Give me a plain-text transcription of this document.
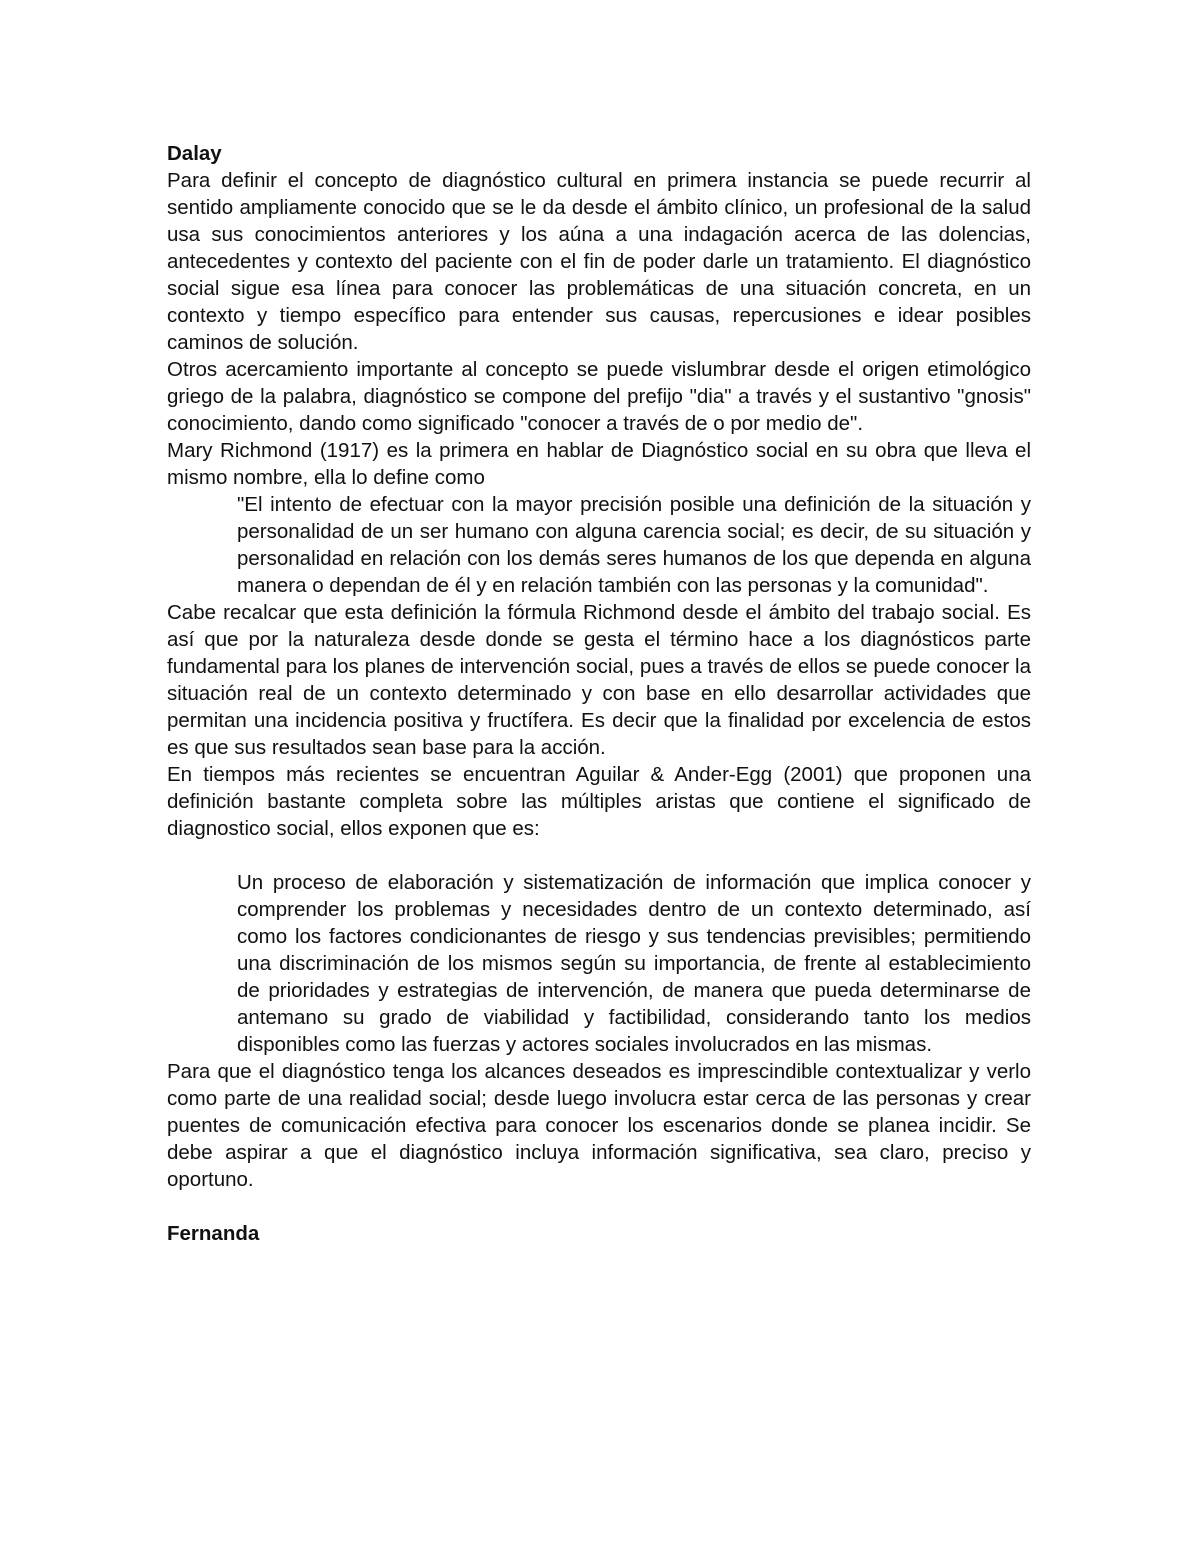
Dalay

Para definir el concepto de diagnóstico cultural en primera instancia se puede recurrir al sentido ampliamente conocido que se le da desde el ámbito clínico, un profesional de la salud usa sus conocimientos anteriores y los aúna a una indagación acerca de las dolencias, antecedentes y contexto del paciente con el fin de poder darle un tratamiento. El diagnóstico social sigue esa línea para conocer las problemáticas de una situación concreta, en un contexto y tiempo específico para entender sus causas, repercusiones e idear posibles caminos de solución.

Otros acercamiento importante al concepto se puede vislumbrar desde el origen etimológico griego de la palabra, diagnóstico se compone del prefijo "dia" a través y el sustantivo "gnosis" conocimiento, dando como significado "conocer a través de o por medio de".

Mary Richmond (1917) es la primera en hablar de Diagnóstico social en su obra que lleva el mismo nombre, ella lo define como

"El intento de efectuar con la mayor precisión posible una definición de la situación y personalidad de un ser humano con alguna carencia social; es decir, de su situación y personalidad en relación con los demás seres humanos de los que dependa en alguna manera o dependan de él y en relación también con las personas y la comunidad".

Cabe recalcar que esta definición la fórmula Richmond desde el ámbito del trabajo social. Es así que por la naturaleza desde donde se gesta el término hace a los diagnósticos parte fundamental para los planes de intervención social, pues a través de ellos se puede conocer la situación real de un contexto determinado y con base en ello desarrollar actividades que permitan una incidencia positiva y fructífera. Es decir que la finalidad por excelencia de estos es que sus resultados sean base para la acción.

En tiempos más recientes se encuentran Aguilar & Ander-Egg (2001) que proponen una definición bastante completa sobre las múltiples aristas que contiene el significado de diagnostico social, ellos exponen que es:

Un proceso de elaboración y sistematización de información que implica conocer y comprender los problemas y necesidades dentro de un contexto determinado, así como los factores condicionantes de riesgo y sus tendencias previsibles; permitiendo una discriminación de los mismos según su importancia, de frente al establecimiento de prioridades y estrategias de intervención, de manera que pueda determinarse de antemano su grado de viabilidad y factibilidad, considerando tanto los medios disponibles como las fuerzas y actores sociales involucrados en las mismas.

Para que el diagnóstico tenga los alcances deseados es imprescindible contextualizar y verlo como parte de una realidad social; desde luego involucra estar cerca de las personas y crear puentes de comunicación efectiva para conocer los escenarios donde se planea incidir. Se debe aspirar a que el diagnóstico incluya información significativa, sea claro, preciso y oportuno.

Fernanda
